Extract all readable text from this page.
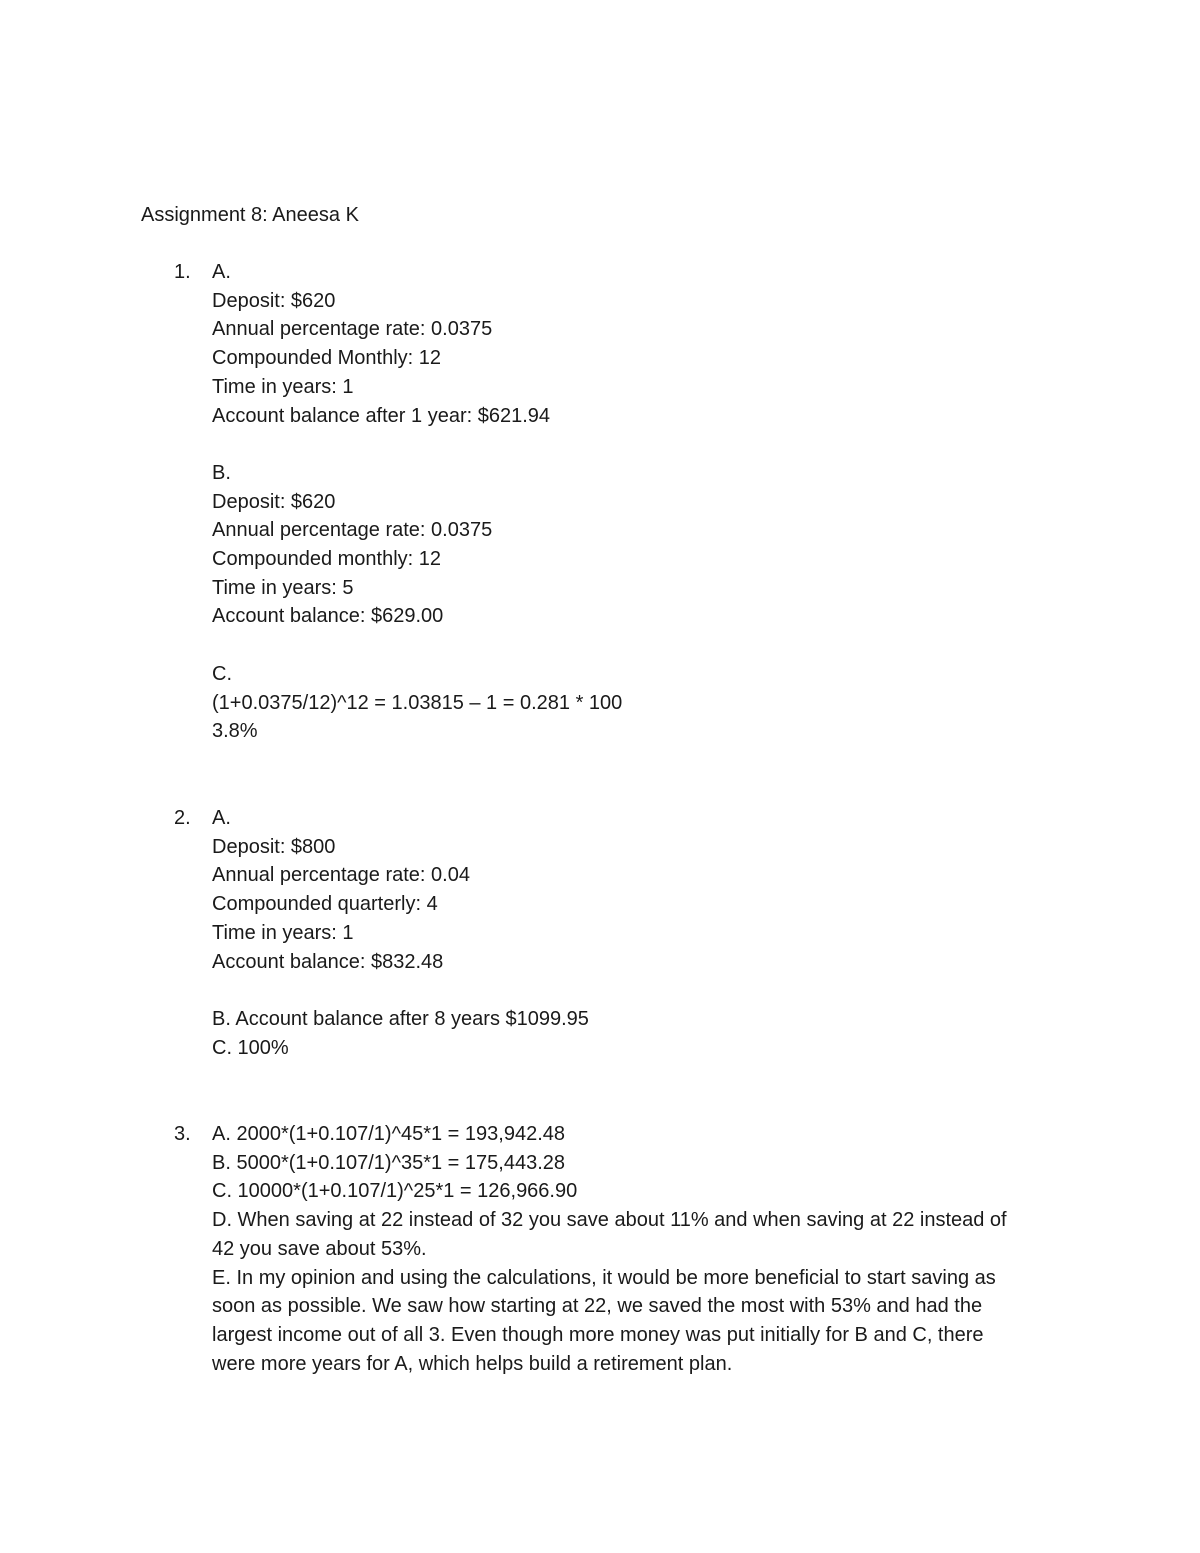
Assignment 8: Aneesa K
1. A.
Deposit: $620
Annual percentage rate: 0.0375
Compounded Monthly: 12
Time in years: 1
Account balance after 1 year: $621.94
B.
Deposit: $620
Annual percentage rate: 0.0375
Compounded monthly: 12
Time in years: 5
Account balance: $629.00
C.
(1+0.0375/12)^12 = 1.03815 – 1 = 0.281 * 100
3.8%
2. A.
Deposit: $800
Annual percentage rate: 0.04
Compounded quarterly: 4
Time in years: 1
Account balance: $832.48
B. Account balance after 8 years $1099.95
C. 100%
3. A. 2000*(1+0.107/1)^45*1 = 193,942.48
B. 5000*(1+0.107/1)^35*1 = 175,443.28
C. 10000*(1+0.107/1)^25*1 = 126,966.90
D. When saving at 22 instead of 32 you save about 11% and when saving at 22 instead of
42 you save about 53%.
E. In my opinion and using the calculations, it would be more beneficial to start saving as
soon as possible. We saw how starting at 22, we saved the most with 53% and had the
largest income out of all 3. Even though more money was put initially for B and C, there
were more years for A, which helps build a retirement plan.
